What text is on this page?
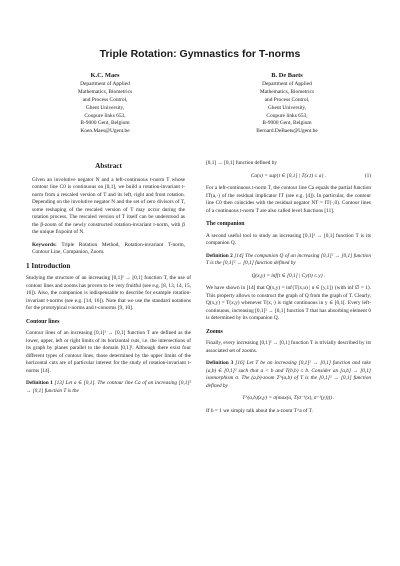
Triple Rotation: Gymnastics for T-norms
K.C. Maes
Department of Applied
Mathematics, Biometrics
and Process Control,
Ghent University,
Coupure links 653,
B-9000 Gent, Belgium
Koen.Maes@Ugent.be
B. De Baets
Department of Applied
Mathematics, Biometrics
and Process Control,
Ghent University,
Coupure links 653,
B-9000 Gent, Belgium
Bernard.DeBaets@Ugent.be
Abstract

Given an involutive negator N and a left-continuous t-norm T whose contour line C0 is continuous on [0,1], we build a rotation-invariant t-norm from a rescaled version of T and its left, right and front rotation. Depending on the involutive negator N and the set of zero divisors of T, some reshaping of the rescaled version of T may occur during the rotation process. The rescaled version of T itself can be understood as the β-zoom of the newly constructed rotation-invariant t-norm, with β the unique fixpoint of N.

Keywords: Triple Rotation Method, Rotation-invariant T-norm, Contour Line, Companion, Zoom.

1 Introduction

Studying the structure of an increasing [0,1]² → [0,1] function T, the use of contour lines and zooms has proven to be very fruitful (see e.g. [8, 13, 14, 15, 16]). Also, the companion is indispensable to describe for example rotation-invariant t-norms (see e.g. [14, 16]). Note that we use the standard notations for the prototypical t-norms and t-conorms [9, 10].

Contour lines

Contour lines of an increasing [0,1]² → [0,1] function T are defined as the lower, upper, left or right limits of its horizontal cuts, i.e. the intersections of its graph by planes parallel to the domain [0,1]². Although there exist four different types of contour lines, those determined by the upper limits of the horizontal cuts are of particular interest for the study of rotation-invariant t-norms [14].

Definition 1 [13] Let a ∈ [0,1]. The contour line Ca of an increasing [0,1]² → [0,1] function T is the

[0,1] → [0,1] function defined by

Ca(x) = sup{t ∈ [0,1] | T(x,t) ≤ a} .	(1)

For a left-continuous t-norm T, the contour line Ca equals the partial function IT(a,·) of the residual implicator IT (see e.g. [4]). In particular, the contour line C0 then coincides with the residual negator NT = IT(·,0). Contour lines of a continuous t-norm T are also called level functions [11].

The companion

A second useful tool to study an increasing [0,1]² → [0,1] function T is its companion Q.

Definition 2 [14] The companion Q of an increasing [0,1]² → [0,1] function T is the [0,1]² → [0,1] function defined by

Q(x,y) = inf{t ∈ [0,1] | Cy(t) ≤ y} .

We have shown in [14] that Q(x,y) = inf{T(x,u) | u ∈ [y,1]} (with inf ∅ = 1). This property allows to construct the graph of Q from the graph of T. Clearly, Q(x,y) = T(x,y) whenever T(x,·) is right continuous in y ∈ [0,1[. Every left-continuous, increasing [0,1]² → [0,1] function T that has absorbing element 0 is determined by its companion Q.

Zooms

Finally, every increasing [0,1]² → [0,1] function T is trivially described by its associated set of zooms.

Definition 3 [16] Let T be an increasing [0,1]² → [0,1] function and take (a,b) ∈ [0,1]² such that a < b and T(b,b) ≤ b. Consider an [a,b] → [0,1] isomorphism σ. The (a,b)-zoom T^(a,b) of T is the [0,1]² → [0,1] function defined by

T^(a,b)(x,y) = σ(max(a, T(σ⁻¹(x), σ⁻¹(y)))) .

If b = 1 we simply talk about the a-zoom T^a of T.
